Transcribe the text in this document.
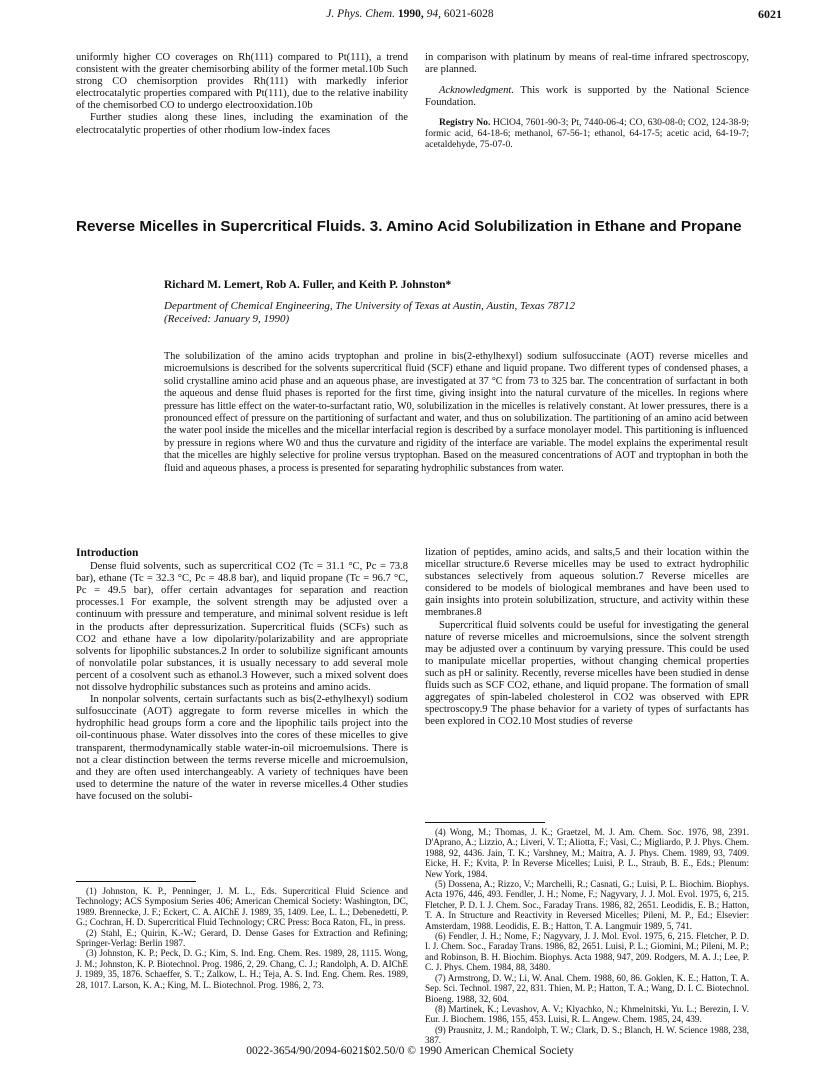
J. Phys. Chem. 1990, 94, 6021-6028	6021

uniformly higher CO coverages on Rh(111) compared to Pt(111), a trend consistent with the greater chemisorbing ability of the former metal.10b Such strong CO chemisorption provides Rh(111) with markedly inferior electrocatalytic properties compared with Pt(111), due to the relative inability of the chemisorbed CO to undergo electrooxidation.10b

Further studies along these lines, including the examination of the electrocatalytic properties of other rhodium low-index faces

in comparison with platinum by means of real-time infrared spectroscopy, are planned.

Acknowledgment. This work is supported by the National Science Foundation.

Registry No. HClO4, 7601-90-3; Pt, 7440-06-4; CO, 630-08-0; CO2, 124-38-9; formic acid, 64-18-6; methanol, 67-56-1; ethanol, 64-17-5; acetic acid, 64-19-7; acetaldehyde, 75-07-0.

Reverse Micelles in Supercritical Fluids. 3. Amino Acid Solubilization in Ethane and Propane
Richard M. Lemert, Rob A. Fuller, and Keith P. Johnston*
Department of Chemical Engineering, The University of Texas at Austin, Austin, Texas 78712
(Received: January 9, 1990)
The solubilization of the amino acids tryptophan and proline in bis(2-ethylhexyl) sodium sulfosuccinate (AOT) reverse micelles and microemulsions is described for the solvents supercritical fluid (SCF) ethane and liquid propane. Two different types of condensed phases, a solid crystalline amino acid phase and an aqueous phase, are investigated at 37 °C from 73 to 325 bar. The concentration of surfactant in both the aqueous and dense fluid phases is reported for the first time, giving insight into the natural curvature of the micelles. In regions where pressure has little effect on the water-to-surfactant ratio, W0, solubilization in the micelles is relatively constant. At lower pressures, there is a pronounced effect of pressure on the partitioning of surfactant and water, and thus on solubilization. The partitioning of an amino acid between the water pool inside the micelles and the micellar interfacial region is described by a surface monolayer model. This partitioning is influenced by pressure in regions where W0 and thus the curvature and rigidity of the interface are variable. The model explains the experimental result that the micelles are highly selective for proline versus tryptophan. Based on the measured concentrations of AOT and tryptophan in both the fluid and aqueous phases, a process is presented for separating hydrophilic substances from water.
Introduction

Dense fluid solvents, such as supercritical CO2 (Tc = 31.1 °C, Pc = 73.8 bar), ethane (Tc = 32.3 °C, Pc = 48.8 bar), and liquid propane (Tc = 96.7 °C, Pc = 49.5 bar), offer certain advantages for separation and reaction processes.1 For example, the solvent strength may be adjusted over a continuum with pressure and temperature, and minimal solvent residue is left in the products after depressurization. Supercritical fluids (SCFs) such as CO2 and ethane have a low dipolarity/polarizability and are appropriate solvents for lipophilic substances.2 In order to solubilize significant amounts of nonvolatile polar substances, it is usually necessary to add several mole percent of a cosolvent such as ethanol.3 However, such a mixed solvent does not dissolve hydrophilic substances such as proteins and amino acids.

In nonpolar solvents, certain surfactants such as bis(2-ethylhexyl) sodium sulfosuccinate (AOT) aggregate to form reverse micelles in which the hydrophilic head groups form a core and the lipophilic tails project into the oil-continuous phase. Water dissolves into the cores of these micelles to give transparent, thermodynamically stable water-in-oil microemulsions. There is not a clear distinction between the terms reverse micelle and microemulsion, and they are often used interchangeably. A variety of techniques have been used to determine the nature of the water in reverse micelles.4 Other studies have focused on the solubi-

(1) Johnston, K. P., Penninger, J. M. L., Eds. Supercritical Fluid Science and Technology; ACS Symposium Series 406; American Chemical Society: Washington, DC, 1989. Brennecke, J. F.; Eckert, C. A. AIChE J. 1989, 35, 1409. Lee, L. L.; Debenedetti, P. G.; Cochran, H. D. Supercritical Fluid Technology; CRC Press: Boca Raton, FL, in press.

(2) Stahl, E.; Quirin, K.-W.; Gerard, D. Dense Gases for Extraction and Refining; Springer-Verlag: Berlin 1987.

(3) Johnston, K. P.; Peck, D. G.; Kim, S. Ind. Eng. Chem. Res. 1989, 28, 1115. Wong, J. M.; Johnston, K. P. Biotechnol. Prog. 1986, 2, 29. Chang, C. J.; Randolph, A. D. AIChE J. 1989, 35, 1876. Schaeffer, S. T.; Zalkow, L. H.; Teja, A. S. Ind. Eng. Chem. Res. 1989, 28, 1017. Larson, K. A.; King, M. L. Biotechnol. Prog. 1986, 2, 73.

lization of peptides, amino acids, and salts,5 and their location within the micellar structure.6 Reverse micelles may be used to extract hydrophilic substances selectively from aqueous solution.7 Reverse micelles are considered to be models of biological membranes and have been used to gain insights into protein solubilization, structure, and activity within these membranes.8

Supercritical fluid solvents could be useful for investigating the general nature of reverse micelles and microemulsions, since the solvent strength may be adjusted over a continuum by varying pressure. This could be used to manipulate micellar properties, without changing chemical properties such as pH or salinity. Recently, reverse micelles have been studied in dense fluids such as SCF CO2, ethane, and liquid propane. The formation of small aggregates of spin-labeled cholesterol in CO2 was observed with EPR spectroscopy.9 The phase behavior for a variety of types of surfactants has been explored in CO2.10 Most studies of reverse

(4) Wong, M.; Thomas, J. K.; Graetzel, M. J. Am. Chem. Soc. 1976, 98, 2391. D'Aprano, A.; Lizzio, A.; Liveri, V. T.; Aliotta, F.; Vasi, C.; Migliardo, P. J. Phys. Chem. 1988, 92, 4436. Jain, T. K.; Varshney, M.; Maitra, A. J. Phys. Chem. 1989, 93, 7409. Eicke, H. F.; Kvita, P. In Reverse Micelles; Luisi, P. L., Straub, B. E., Eds.; Plenum: New York, 1984.

(5) Dossena, A.; Rizzo, V.; Marchelli, R.; Casnati, G.; Luisi, P. L. Biochim. Biophys. Acta 1976, 446, 493. Fendler, J. H.; Nome, F.; Nagyvary, J. J. Mol. Evol. 1975, 6, 215. Fletcher, P. D. I. J. Chem. Soc., Faraday Trans. 1986, 82, 2651. Leodidis, E. B.; Hatton, T. A. In Structure and Reactivity in Reversed Micelles; Pileni, M. P., Ed.; Elsevier: Amsterdam, 1988. Leodidis, E. B.; Hatton, T. A. Langmuir 1989, 5, 741.

(6) Fendler, J. H.; Nome, F.; Nagyvary, J. J. Mol. Evol. 1975, 6, 215. Fletcher, P. D. I. J. Chem. Soc., Faraday Trans. 1986, 82, 2651. Luisi, P. L.; Giomini, M.; Pileni, M. P.; and Robinson, B. H. Biochim. Biophys. Acta 1988, 947, 209. Rodgers, M. A. J.; Lee, P. C. J. Phys. Chem. 1984, 88, 3480.

(7) Armstrong, D. W.; Li, W. Anal. Chem. 1988, 60, 86. Goklen, K. E.; Hatton, T. A. Sep. Sci. Technol. 1987, 22, 831. Thien, M. P.; Hatton, T. A.; Wang, D. I. C. Biotechnol. Bioeng. 1988, 32, 604.

(8) Martinek, K.; Levashov, A. V.; Klyachko, N.; Khmelnitski, Yu. L.; Berezin, I. V. Eur. J. Biochem. 1986, 155, 453. Luisi, R. L. Angew. Chem. 1985, 24, 439.

(9) Prausnitz, J. M.; Randolph, T. W.; Clark, D. S.; Blanch, H. W. Science 1988, 238, 387.

0022-3654/90/2094-6021$02.50/0 © 1990 American Chemical Society
